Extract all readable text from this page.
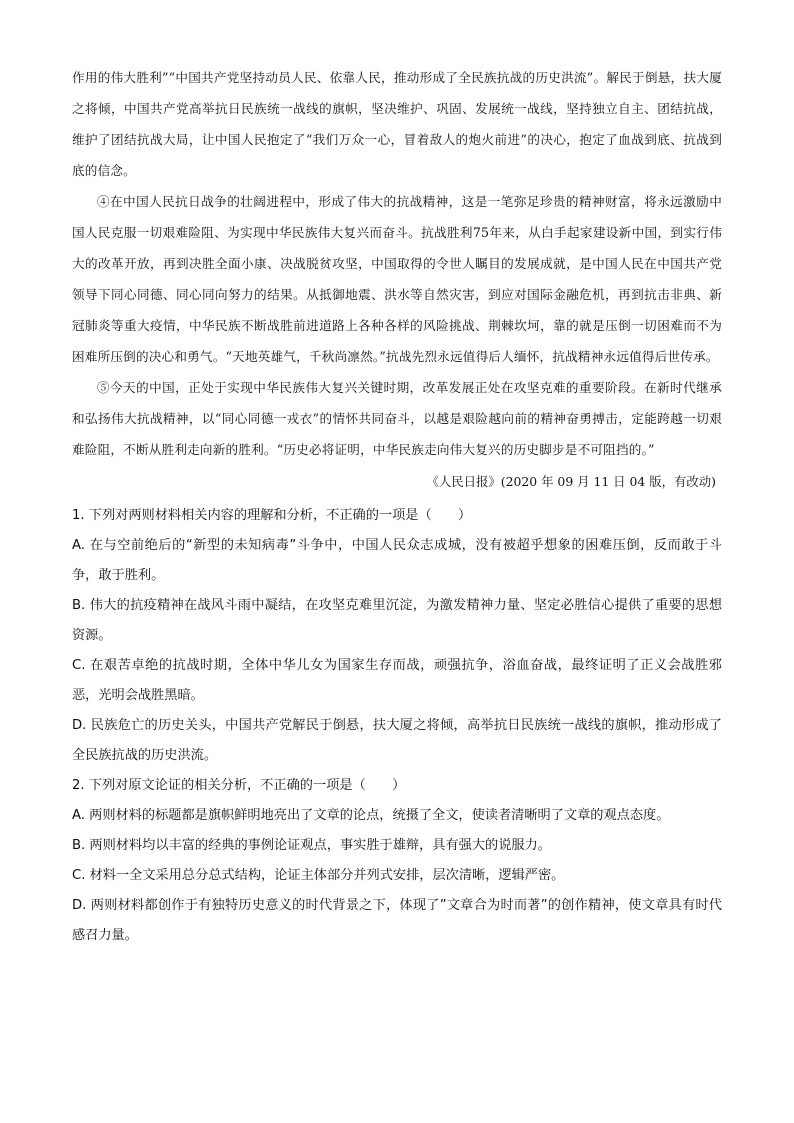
作用的伟大胜利”“中国共产党坚持动员人民、依靠人民，推动形成了全民族抗战的历史洪流”。解民于倒悬，扶大厦之将倾，中国共产党高举抗日民族统一战线的旗帜，坚决维护、巩固、发展统一战线，坚持独立自主、团结抗战，维护了团结抗战大局，让中国人民抱定了“我们万众一心，冒着敌人的炮火前进”的决心，抱定了血战到底、抗战到底的信念。

④在中国人民抗日战争的壮阔进程中，形成了伟大的抗战精神，这是一笔弥足珍贵的精神财富，将永远激励中国人民克服一切艰难险阻、为实现中华民族伟大复兴而奋斗。抗战胜利75年来，从白手起家建设新中国，到实行伟大的改革开放，再到决胜全面小康、决战脱贫攻坚，中国取得的令世人瞩目的发展成就，是中国人民在中国共产党领导下同心同德、同心同向努力的结果。从抵御地震、洪水等自然灾害，到应对国际金融危机，再到抗击非典、新冠肺炎等重大疫情，中华民族不断战胜前进道路上各种各样的风险挑战、荆棘坎坷，靠的就是压倒一切困难而不为困难所压倒的决心和勇气。“天地英雄气，千秋尚凛然。”抗战先烈永远值得后人缅怀，抗战精神永远值得后世传承。

⑤今天的中国，正处于实现中华民族伟大复兴关键时期，改革发展正处在攻坚克难的重要阶段。在新时代继承和弘扬伟大抗战精神，以“同心同德一戎衣”的情怀共同奋斗，以越是艰险越向前的精神奋勇搏击，定能跨越一切艰难险阻，不断从胜利走向新的胜利。“历史必将证明，中华民族走向伟大复兴的历史脚步是不可阻挡的。”

《人民日报》(2020 年 09 月 11 日 04 版，有改动)

1. 下列对两则材料相关内容的理解和分析，不正确的一项是（　　）

A. 在与空前绝后的“新型的未知病毒”斗争中，中国人民众志成城，没有被超乎想象的困难压倒，反而敢于斗争，敢于胜利。

B. 伟大的抗疫精神在战风斗雨中凝结，在攻坚克难里沉淀，为激发精神力量、坚定必胜信心提供了重要的思想资源。

C. 在艰苦卓绝的抗战时期，全体中华儿女为国家生存而战，顽强抗争，浴血奋战，最终证明了正义会战胜邪恶，光明会战胜黑暗。

D. 民族危亡的历史关头，中国共产党解民于倒悬，扶大厦之将倾，高举抗日民族统一战线的旗帜，推动形成了全民族抗战的历史洪流。

2. 下列对原文论证的相关分析，不正确的一项是（　　）

A. 两则材料的标题都是旗帜鲜明地亮出了文章的论点，统摄了全文，使读者清晰明了文章的观点态度。

B. 两则材料均以丰富的经典的事例论证观点，事实胜于雄辩，具有强大的说服力。

C. 材料一全文采用总分总式结构，论证主体部分并列式安排，层次清晰，逻辑严密。

D. 两则材料都创作于有独特历史意义的时代背景之下，体现了”文章合为时而著”的创作精神，使文章具有时代感召力量。
